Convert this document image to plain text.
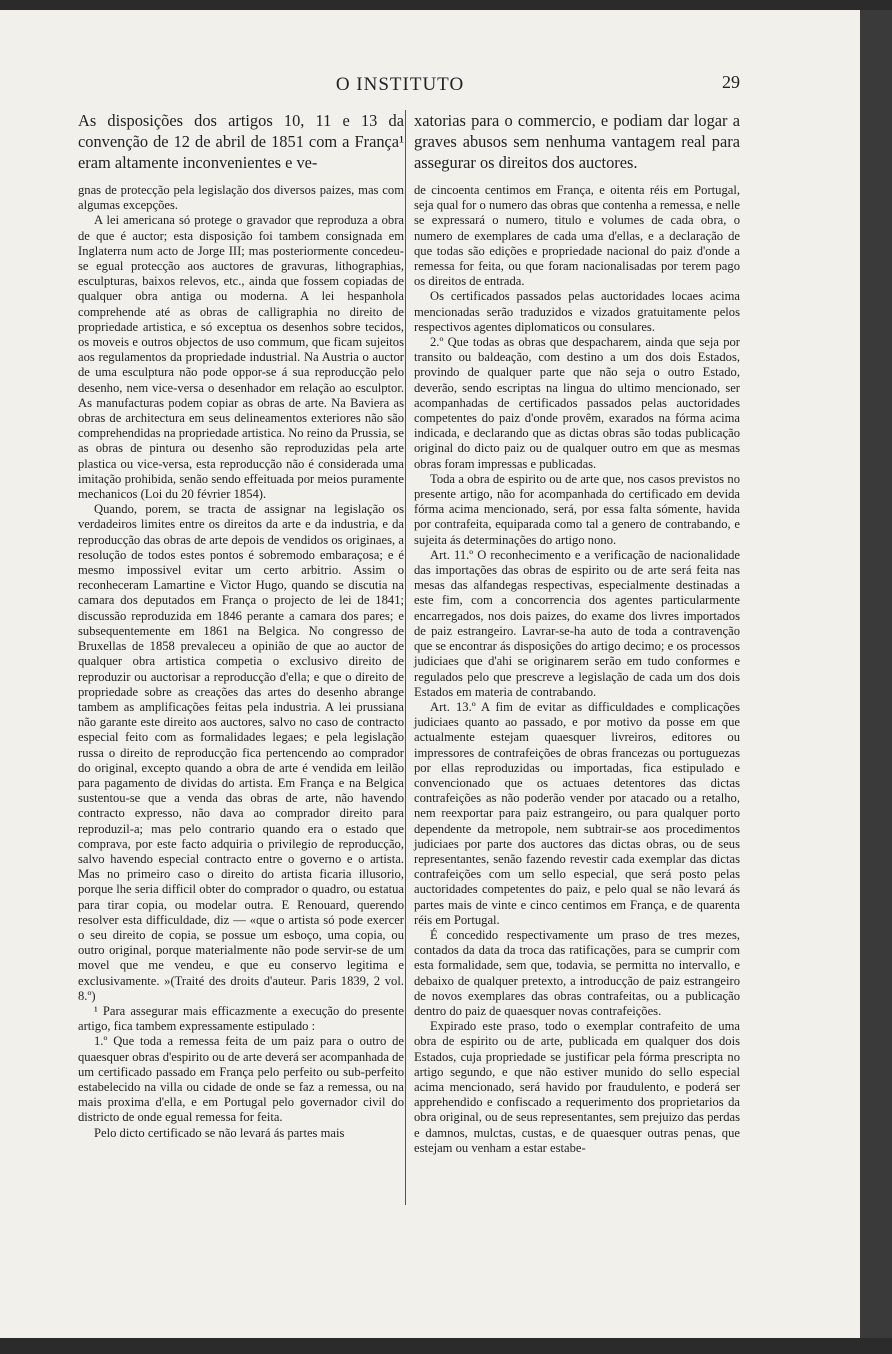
O INSTITUTO	29

As disposições dos artigos 10, 11 e 13 da convenção de 12 de abril de 1851 com a França¹ eram altamente inconvenientes e ve-

gnas de protecção pela legislação dos diversos paizes, mas com algumas excepções.

A lei americana só protege o gravador que reproduza a obra de que é auctor; esta disposição foi tambem consignada em Inglaterra num acto de Jorge III; mas posteriormente concedeu-se egual protecção aos auctores de gravuras, lithographias, esculpturas, baixos relevos, etc., ainda que fossem copiadas de qualquer obra antiga ou moderna. A lei hespanhola comprehende até as obras de calligraphia no direito de propriedade artistica, e só exceptua os desenhos sobre tecidos, os moveis e outros objectos de uso commum, que ficam sujeitos aos regulamentos da propriedade industrial. Na Austria o auctor de uma esculptura não pode oppor-se á sua reproducção pelo desenho, nem vice-versa o desenhador em relação ao esculptor. As manufacturas podem copiar as obras de arte. Na Baviera as obras de architectura em seus delineamentos exteriores não são comprehendidas na propriedade artistica. No reino da Prussia, se as obras de pintura ou desenho são reproduzidas pela arte plastica ou vice-versa, esta reproducção não é considerada uma imitação prohibida, senão sendo effeituada por meios puramente mechanicos (Loi du 20 février 1854).

Quando, porem, se tracta de assignar na legislação os verdadeiros limites entre os direitos da arte e da industria, e da reproducção das obras de arte depois de vendidos os originaes, a resolução de todos estes pontos é sobremodo embaraçosa; e é mesmo impossivel evitar um certo arbitrio. Assim o reconheceram Lamartine e Victor Hugo, quando se discutia na camara dos deputados em França o projecto de lei de 1841; discussão reproduzida em 1846 perante a camara dos pares; e subsequentemente em 1861 na Belgica. No congresso de Bruxellas de 1858 prevaleceu a opinião de que ao auctor de qualquer obra artistica competia o exclusivo direito de reproduzir ou auctorisar a reproducção d'ella; e que o direito de propriedade sobre as creações das artes do desenho abrange tambem as amplificações feitas pela industria. A lei prussiana não garante este direito aos auctores, salvo no caso de contracto especial feito com as formalidades legaes; e pela legislação russa o direito de reproducção fica pertencendo ao comprador do original, excepto quando a obra de arte é vendida em leilão para pagamento de dividas do artista. Em França e na Belgica sustentou-se que a venda das obras de arte, não havendo contracto expresso, não dava ao comprador direito para reproduzil-a; mas pelo contrario quando era o estado que comprava, por este facto adquiria o privilegio de reproducção, salvo havendo especial contracto entre o governo e o artista. Mas no primeiro caso o direito do artista ficaria illusorio, porque lhe seria difficil obter do comprador o quadro, ou estatua para tirar copia, ou modelar outra. E Renouard, querendo resolver esta difficuldade, diz — «que o artista só pode exercer o seu direito de copia, se possue um esboço, uma copia, ou outro original, porque materialmente não pode servir-se de um movel que me vendeu, e que eu conservo legitima e exclusivamente. »(Traité des droits d'auteur. Paris 1839, 2 vol. 8.º)

¹ Para assegurar mais efficazmente a execução do presente artigo, fica tambem expressamente estipulado :

1.º Que toda a remessa feita de um paiz para o outro de quaesquer obras d'espirito ou de arte deverá ser acompanhada de um certificado passado em França pelo perfeito ou sub-perfeito estabelecido na villa ou cidade de onde se faz a remessa, ou na mais proxima d'ella, e em Portugal pelo governador civil do districto de onde egual remessa for feita.

Pelo dicto certificado se não levará ás partes mais

xatorias para o commercio, e podiam dar logar a graves abusos sem nenhuma vantagem real para assegurar os direitos dos auctores.

de cincoenta centimos em França, e oitenta réis em Portugal, seja qual for o numero das obras que contenha a remessa, e nelle se expressará o numero, titulo e volumes de cada obra, o numero de exemplares de cada uma d'ellas, e a declaração de que todas são edições e propriedade nacional do paiz d'onde a remessa for feita, ou que foram nacionalisadas por terem pago os direitos de entrada.

Os certificados passados pelas auctoridades locaes acima mencionadas serão traduzidos e vizados gratuitamente pelos respectivos agentes diplomaticos ou consulares.

2.º Que todas as obras que despacharem, ainda que seja por transito ou baldeação, com destino a um dos dois Estados, provindo de qualquer parte que não seja o outro Estado, deverão, sendo escriptas na lingua do ultimo mencionado, ser acompanhadas de certificados passados pelas auctoridades competentes do paiz d'onde provêm, exarados na fórma acima indicada, e declarando que as dictas obras são todas publicação original do dicto paiz ou de qualquer outro em que as mesmas obras foram impressas e publicadas.

Toda a obra de espirito ou de arte que, nos casos previstos no presente artigo, não for acompanhada do certificado em devida fórma acima mencionado, será, por essa falta sómente, havida por contrafeita, equiparada como tal a genero de contrabando, e sujeita ás determinações do artigo nono.

Art. 11.º O reconhecimento e a verificação de nacionalidade das importações das obras de espirito ou de arte será feita nas mesas das alfandegas respectivas, especialmente destinadas a este fim, com a concorrencia dos agentes particularmente encarregados, nos dois paizes, do exame dos livres importados de paiz estrangeiro. Lavrar-se-ha auto de toda a contravenção que se encontrar ás disposições do artigo decimo; e os processos judiciaes que d'ahi se originarem serão em tudo conformes e regulados pelo que prescreve a legislação de cada um dos dois Estados em materia de contrabando.

Art. 13.º A fim de evitar as difficuldades e complicações judiciaes quanto ao passado, e por motivo da posse em que actualmente estejam quaesquer livreiros, editores ou impressores de contrafeições de obras francezas ou portuguezas por ellas reproduzidas ou importadas, fica estipulado e convencionado que os actuaes detentores das dictas contrafeições as não poderão vender por atacado ou a retalho, nem reexportar para paiz estrangeiro, ou para qualquer porto dependente da metropole, nem subtrair-se aos procedimentos judiciaes por parte dos auctores das dictas obras, ou de seus representantes, senão fazendo revestir cada exemplar das dictas contrafeições com um sello especial, que será posto pelas auctoridades competentes do paiz, e pelo qual se não levará ás partes mais de vinte e cinco centimos em França, e de quarenta réis em Portugal.

É concedido respectivamente um praso de tres mezes, contados da data da troca das ratificações, para se cumprir com esta formalidade, sem que, todavia, se permitta no intervallo, e debaixo de qualquer pretexto, a introducção de paiz estrangeiro de novos exemplares das obras contrafeitas, ou a publicação dentro do paiz de quaesquer novas contrafeições.

Expirado este praso, todo o exemplar contrafeito de uma obra de espirito ou de arte, publicada em qualquer dos dois Estados, cuja propriedade se justificar pela fórma prescripta no artigo segundo, e que não estiver munido do sello especial acima mencionado, será havido por fraudulento, e poderá ser apprehendido e confiscado a requerimento dos proprietarios da obra original, ou de seus representantes, sem prejuizo das perdas e damnos, mulctas, custas, e de quaesquer outras penas, que estejam ou venham a estar estabe-
